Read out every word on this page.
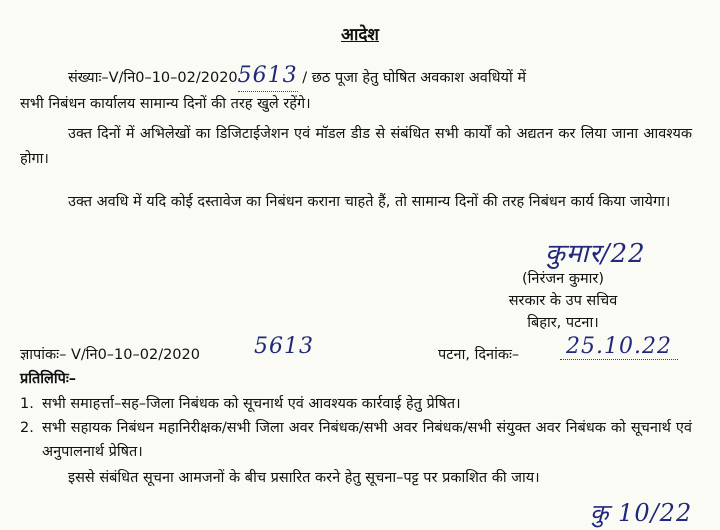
आदेश
संख्याः–V/नि0–10–02/20205613 / छठ पूजा हेतु घोषित अवकाश अवधियों में
सभी निबंधन कार्यालय सामान्य दिनों की तरह खुले रहेंगे।
उक्त दिनों में अभिलेखों का डिजिटाईजेशन एवं मॉडल डीड से संबंधित सभी कार्यों को अद्यतन कर लिया जाना आवश्यक होगा।
उक्त अवधि में यदि कोई दस्तावेज का निबंधन कराना चाहते हैं, तो सामान्य दिनों की तरह निबंधन कार्य किया जायेगा।
कुमार/22
(निरंजन कुमार)
सरकार के उप सचिव
बिहार, पटना।
ज्ञापांकः– V/नि0–10–02/2020 5613	पटना, दिनांकः– 25.10.22
प्रतिलिपिः–
1. सभी समाहर्त्ता–सह–जिला निबंधक को सूचनार्थ एवं आवश्यक कार्रवाई हेतु प्रेषित।
2. सभी सहायक निबंधन महानिरीक्षक/सभी जिला अवर निबंधक/सभी अवर निबंधक/सभी संयुक्त अवर निबंधक को सूचनार्थ एवं अनुपालनार्थ प्रेषित।
इससे संबंधित सूचना आमजनों के बीच प्रसारित करने हेतु सूचना–पट्ट पर प्रकाशित की जाय।
कु 10/22
